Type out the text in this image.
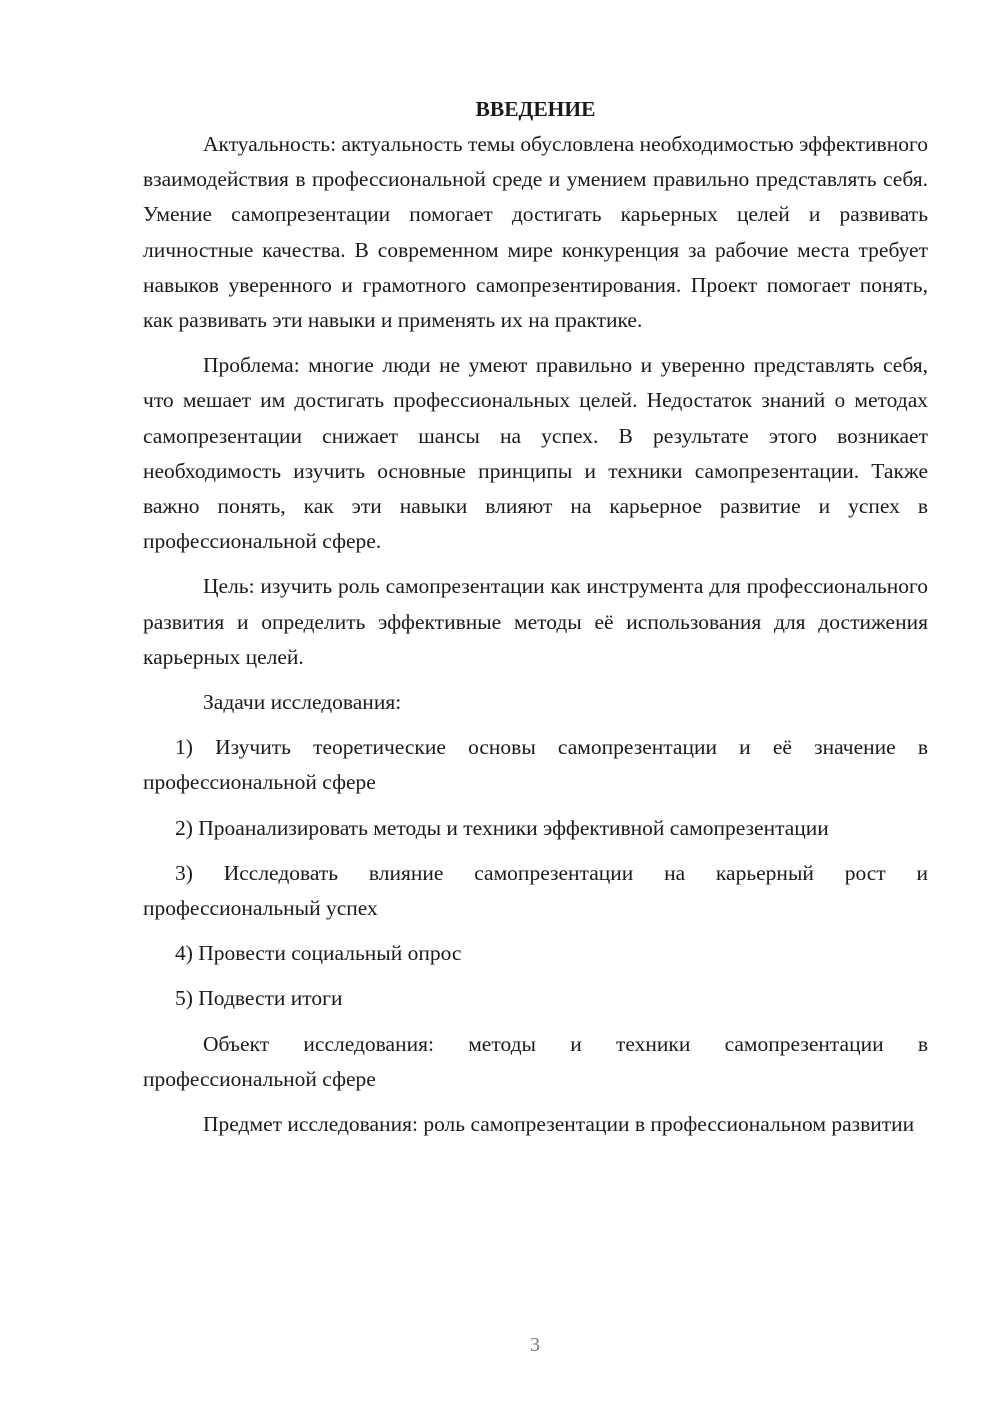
ВВЕДЕНИЕ

Актуальность: актуальность темы обусловлена необходимостью эффективного взаимодействия в профессиональной среде и умением правильно представлять себя. Умение самопрезентации помогает достигать карьерных целей и развивать личностные качества. В современном мире конкуренция за рабочие места требует навыков уверенного и грамотного самопрезентирования. Проект помогает понять, как развивать эти навыки и применять их на практике.

Проблема: многие люди не умеют правильно и уверенно представлять себя, что мешает им достигать профессиональных целей. Недостаток знаний о методах самопрезентации снижает шансы на успех. В результате этого возникает необходимость изучить основные принципы и техники самопрезентации. Также важно понять, как эти навыки влияют на карьерное развитие и успех в профессиональной сфере.

Цель: изучить роль самопрезентации как инструмента для профессионального развития и определить эффективные методы её использования для достижения карьерных целей.

Задачи исследования:

1) Изучить теоретические основы самопрезентации и её значение в профессиональной сфере

2) Проанализировать методы и техники эффективной самопрезентации

3) Исследовать влияние самопрезентации на карьерный рост и профессиональный успех

4) Провести социальный опрос

5) Подвести итоги

Объект исследования: методы и техники самопрезентации в профессиональной сфере

Предмет исследования: роль самопрезентации в профессиональном развитии

3
